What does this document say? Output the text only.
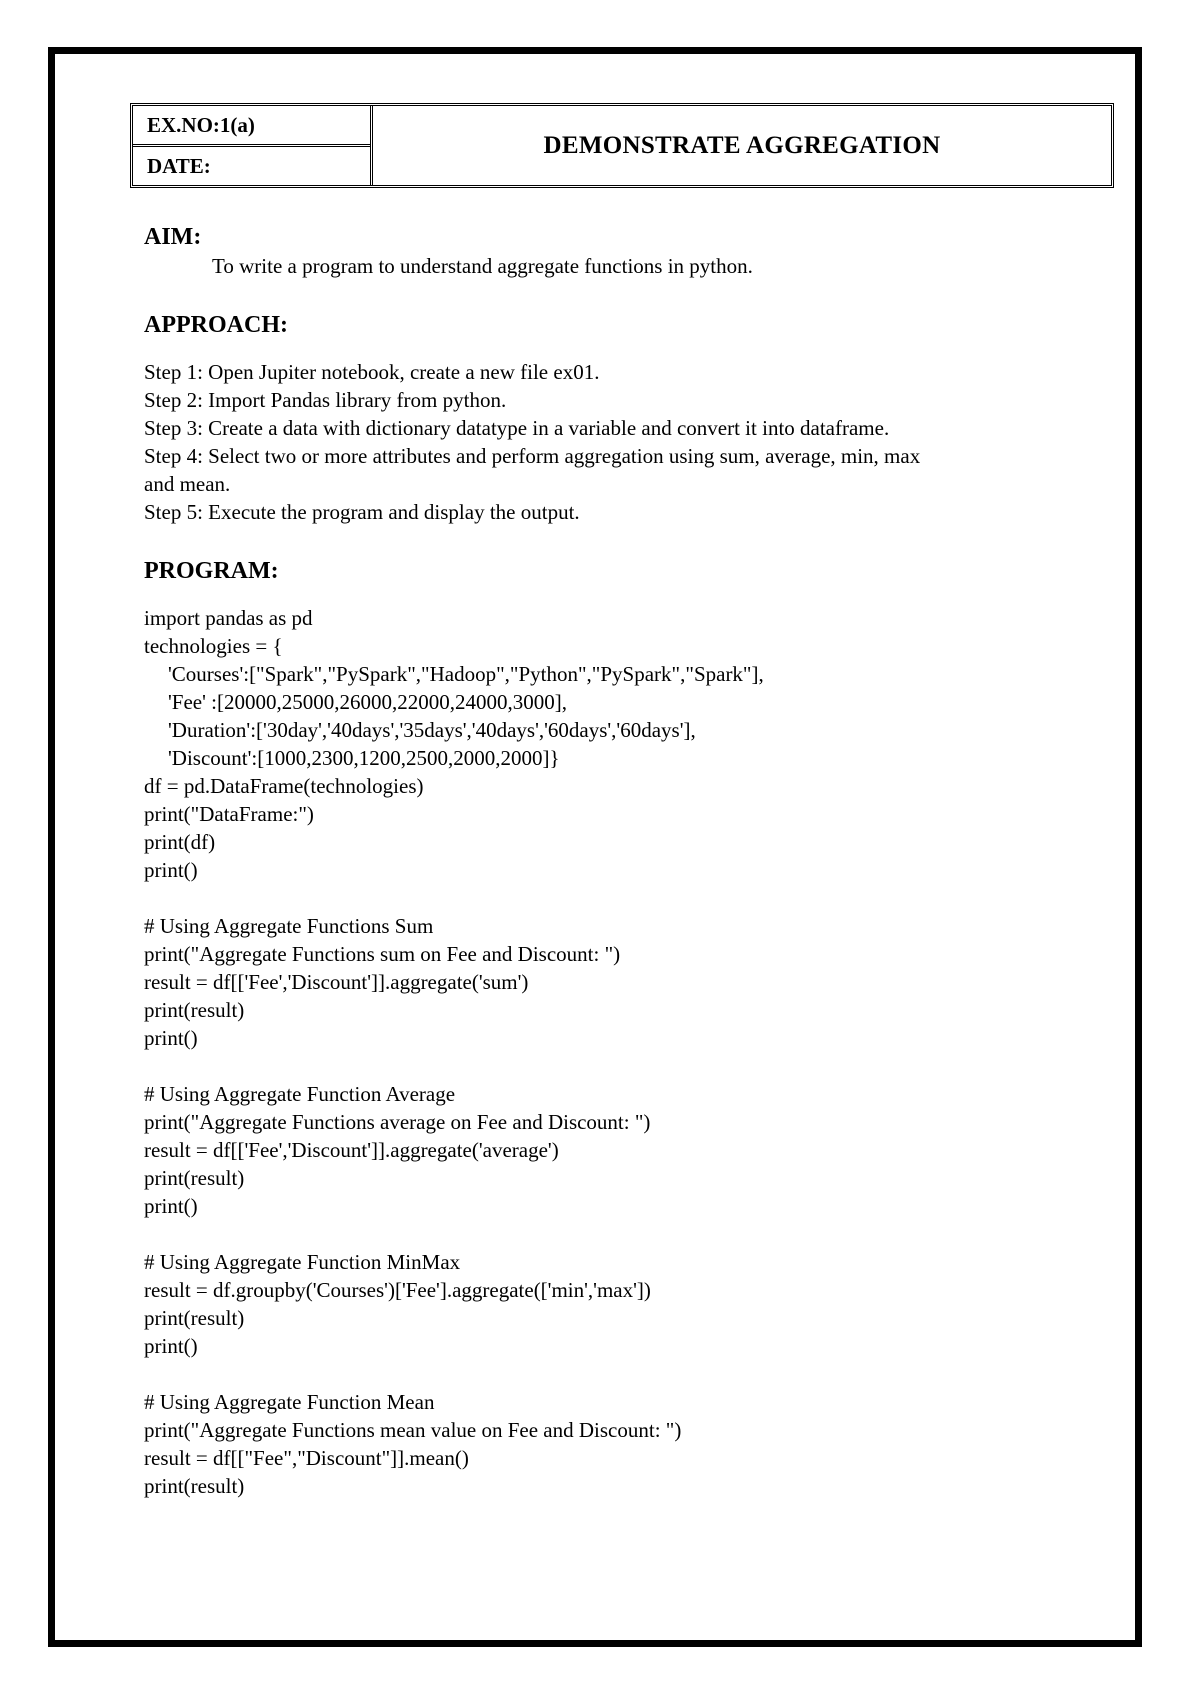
EX.NO:1(a)
DATE:
DEMONSTRATE AGGREGATION

AIM:

To write a program to understand aggregate functions in python.

APPROACH:

Step 1: Open Jupiter notebook, create a new file ex01.

Step 2: Import Pandas library from python.

Step 3: Create a data with dictionary datatype in a variable and convert it into dataframe.

Step 4: Select two or more attributes and perform aggregation using sum, average, min, max

and mean.

Step 5: Execute the program and display the output.

PROGRAM:

import pandas as pd

technologies = {

'Courses':["Spark","PySpark","Hadoop","Python","PySpark","Spark"],

'Fee' :[20000,25000,26000,22000,24000,3000],

'Duration':['30day','40days','35days','40days','60days','60days'],

'Discount':[1000,2300,1200,2500,2000,2000]}

df = pd.DataFrame(technologies)

print("DataFrame:")

print(df)

print()

# Using Aggregate Functions Sum

print("Aggregate Functions sum on Fee and Discount: ")

result = df[['Fee','Discount']].aggregate('sum')

print(result)

print()

# Using Aggregate Function Average

print("Aggregate Functions average on Fee and Discount: ")

result = df[['Fee','Discount']].aggregate('average')

print(result)

print()

# Using Aggregate Function MinMax

result = df.groupby('Courses')['Fee'].aggregate(['min','max'])

print(result)

print()

# Using Aggregate Function Mean

print("Aggregate Functions mean value on Fee and Discount: ")

result = df[["Fee","Discount"]].mean()

print(result)
